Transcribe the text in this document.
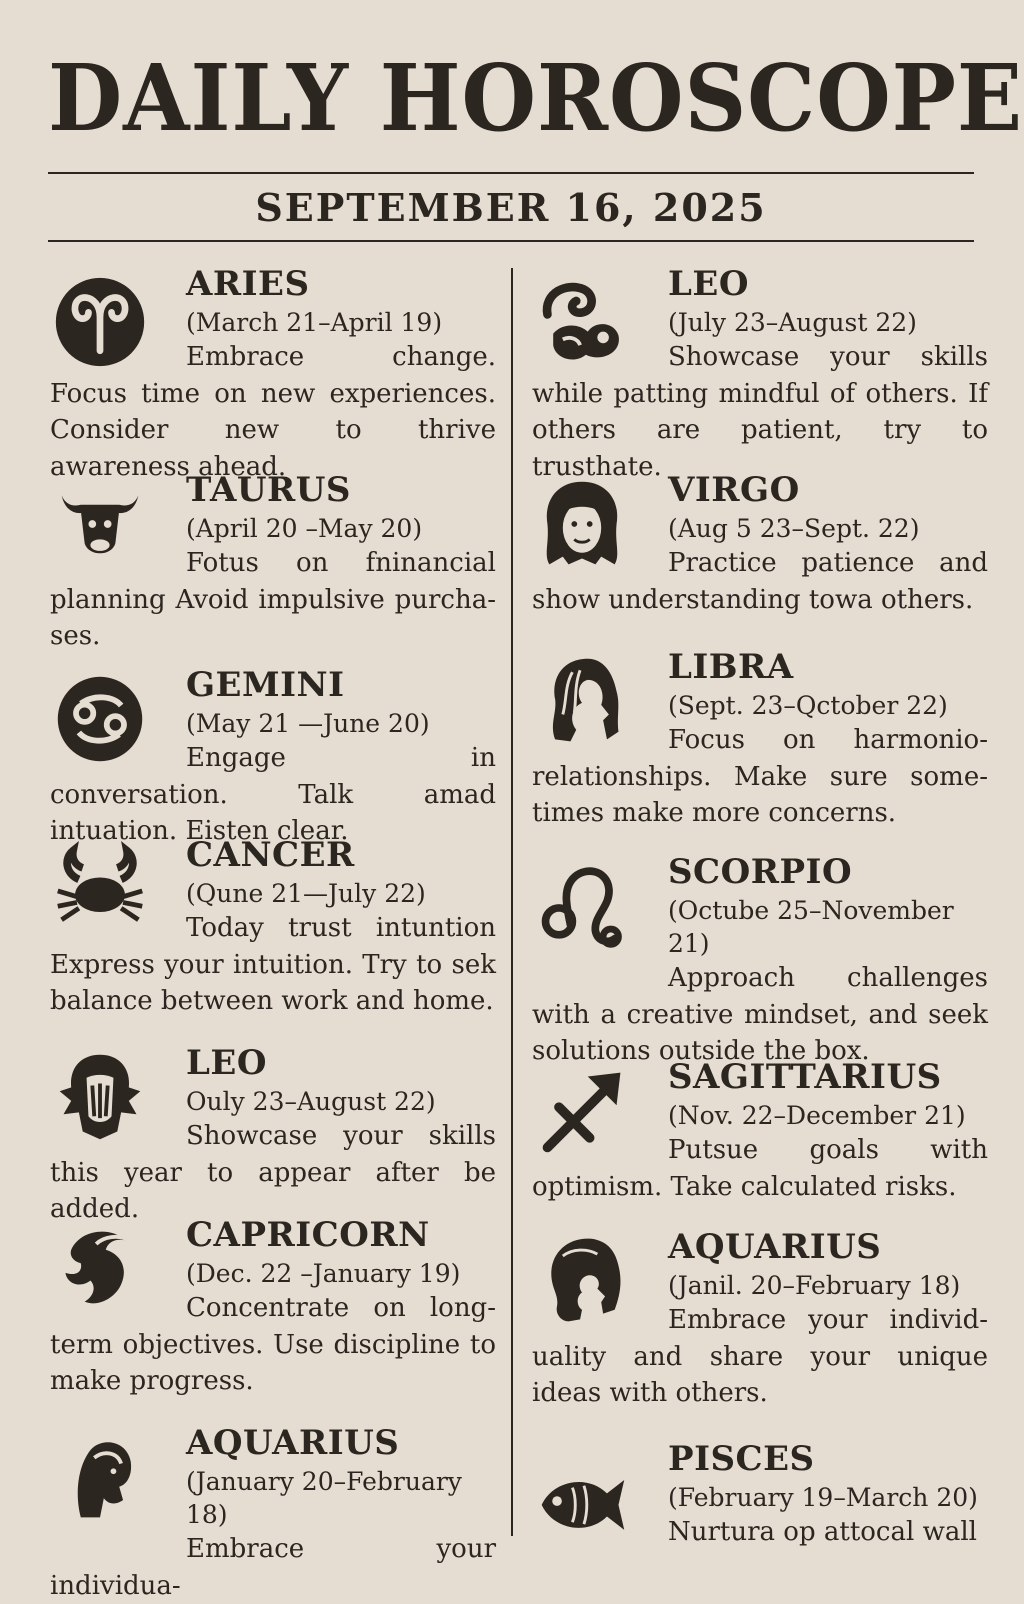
DAILY HOROSCOPE
SEPTEMBER 16, 2025
ARIES
(March 21–April 19)
Embrace change. Focus time on new experiences. Consider new to thrive awareness ahead.
TAURUS
(April 20 –May 20)
Fotus on fninancial planning Avoid impulsive purcha-ses.
GEMINI
(May 21 —June 20)
Engage in conversation. Talk amad intuation. Eisten clear.
CANCER
(Qune 21—July 22)
Today trust intuntion Express your intuition. Try to sek balance between work and home.
LEO
Ouly 23–August 22)
Showcase your skills this year to appear after be added.
CAPRICORN
(Dec. 22 –January 19)
Concentrate on long-term objectives. Use discipline to make progress.
AQUARIUS
(January 20–February 18)
Embrace your individua-
LEO
(July 23–August 22)
Showcase your skills while patting mindful of others. If others are patient, try to trusthate.
VIRGO
(Aug 5 23–Sept. 22)
Practice patience and show understanding towa others.
LIBRA
(Sept. 23–Qctober 22)
Focus on harmonio-relationships. Make sure some-times make more concerns.
SCORPIO
(Octube 25–November 21)
Approach challenges with a creative mindset, and seek solutions outside the box.
SAGITTARIUS
(Nov. 22–December 21)
Putsue goals with optimism. Take calculated risks.
AQUARIUS
(Janil. 20–February 18)
Embrace your individ-uality and share your unique ideas with others.
PISCES
(February 19–March 20)
Nurtura op attocal wall
